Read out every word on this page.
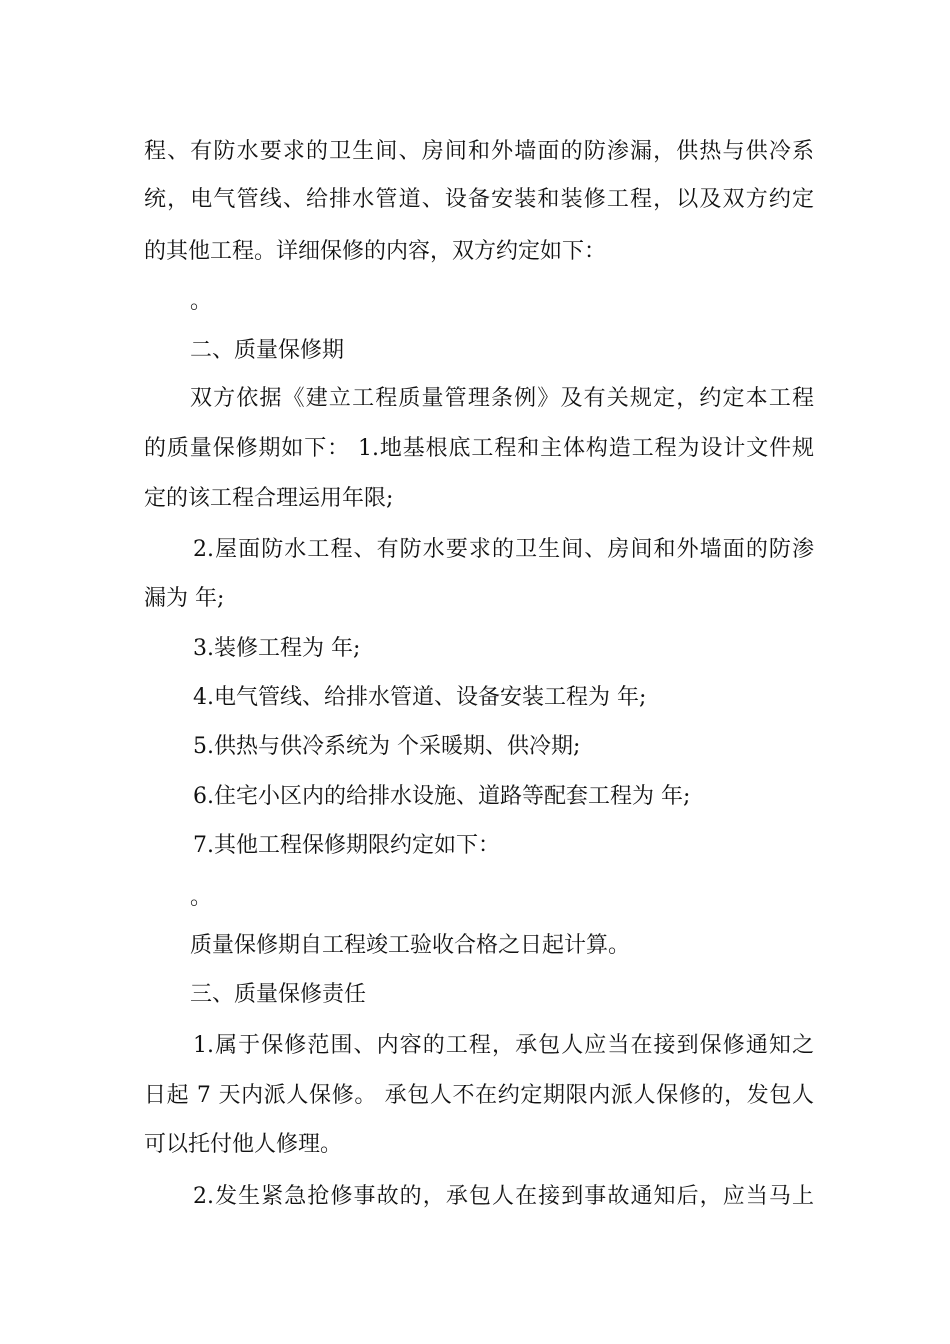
程、有防水要求的卫生间、房间和外墙面的防渗漏，供热与供冷系
统，电气管线、给排水管道、设备安装和装修工程，以及双方约定
的其他工程。详细保修的内容，双方约定如下：
。
二、质量保修期
双方依据《建立工程质量管理条例》及有关规定，约定本工程
的质量保修期如下： 1.地基根底工程和主体构造工程为设计文件规
定的该工程合理运用年限;
2.屋面防水工程、有防水要求的卫生间、房间和外墙面的防渗
漏为 年;
3.装修工程为 年;
4.电气管线、给排水管道、设备安装工程为 年;
5.供热与供冷系统为 个采暖期、供冷期;
6.住宅小区内的给排水设施、道路等配套工程为 年;
7.其他工程保修期限约定如下：
。
质量保修期自工程竣工验收合格之日起计算。
三、质量保修责任
1.属于保修范围、内容的工程，承包人应当在接到保修通知之
日起 7 天内派人保修。 承包人不在约定期限内派人保修的，发包人
可以托付他人修理。
2.发生紧急抢修事故的，承包人在接到事故通知后，应当马上
